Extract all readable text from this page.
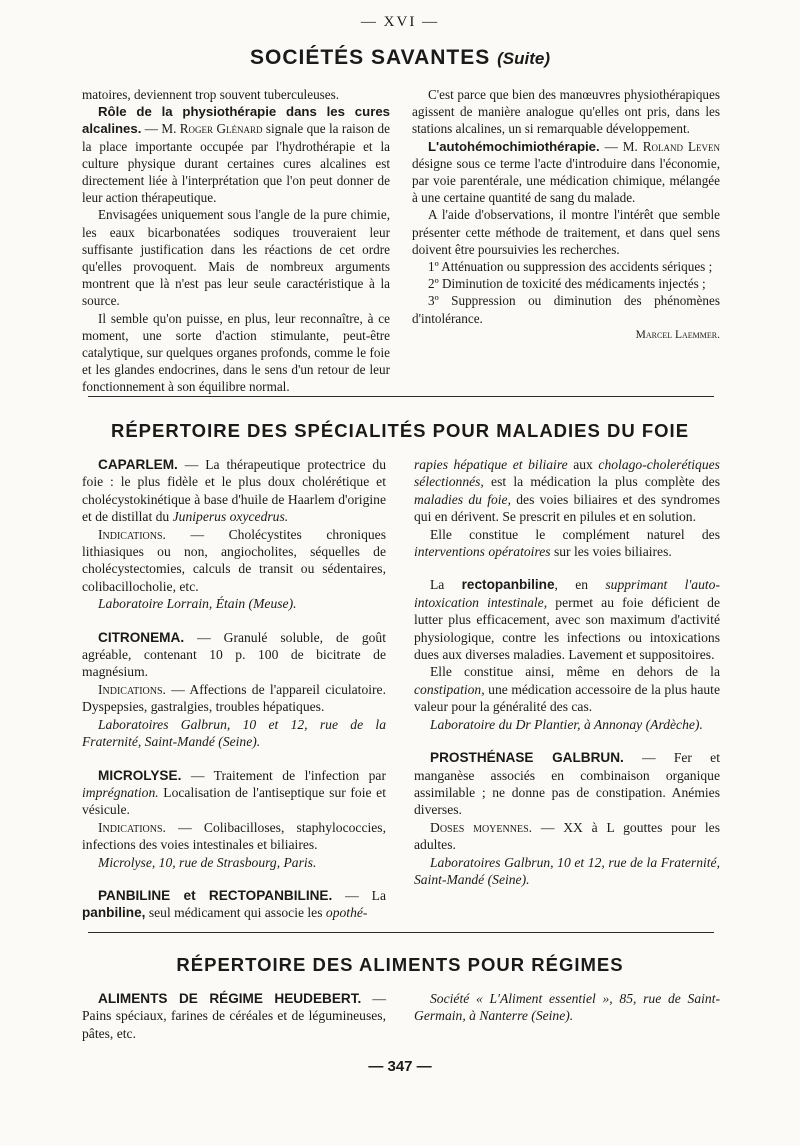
— XVI —
SOCIÉTÉS SAVANTES (Suite)

matoires, deviennent trop souvent tuberculeuses.

Rôle de la physiothérapie dans les cures alcalines. — M. Roger Glénard signale que la raison de la place importante occupée par l'hydrothérapie et la culture physique durant certaines cures alcalines est directement liée à l'interprétation que l'on peut donner de leur action thérapeutique.

Envisagées uniquement sous l'angle de la pure chimie, les eaux bicarbonatées sodiques trouveraient leur suffisante justification dans les réactions de cet ordre qu'elles provoquent. Mais de nombreux arguments montrent que là n'est pas leur seule caractéristique à la source.

Il semble qu'on puisse, en plus, leur reconnaître, à ce moment, une sorte d'action stimulante, peut-être catalytique, sur quelques organes profonds, comme le foie et les glandes endocrines, dans le sens d'un retour de leur fonctionnement à son équilibre normal.

C'est parce que bien des manœuvres physiothérapiques agissent de manière analogue qu'elles ont pris, dans les stations alcalines, un si remarquable développement.

L'autohémochimiothérapie. — M. Roland Leven désigne sous ce terme l'acte d'introduire dans l'économie, par voie parentérale, une médication chimique, mélangée à une certaine quantité de sang du malade.

A l'aide d'observations, il montre l'intérêt que semble présenter cette méthode de traitement, et dans quel sens doivent être poursuivies les recherches.

1º Atténuation ou suppression des accidents sériques ;

2º Diminution de toxicité des médicaments injectés ;

3º Suppression ou diminution des phénomènes d'intolérance.

Marcel Laemmer.

RÉPERTOIRE DES SPÉCIALITÉS POUR MALADIES DU FOIE

CAPARLEM. — La thérapeutique protectrice du foie : le plus fidèle et le plus doux cholérétique et cholécystokinétique à base d'huile de Haarlem d'origine et de distillat du Juniperus oxycedrus.

Indications. — Cholécystites chroniques lithiasiques ou non, angiocholites, séquelles de cholécystectomies, calculs de transit ou sédentaires, colibacillocholie, etc.

Laboratoire Lorrain, Étain (Meuse).

CITRONEMA. — Granulé soluble, de goût agréable, contenant 10 p. 100 de bicitrate de magnésium.

Indications. — Affections de l'appareil ciculatoire. Dyspepsies, gastralgies, troubles hépatiques.

Laboratoires Galbrun, 10 et 12, rue de la Fraternité, Saint-Mandé (Seine).

MICROLYSE. — Traitement de l'infection par imprégnation. Localisation de l'antiseptique sur foie et vésicule.

Indications. — Colibacilloses, staphylococcies, infections des voies intestinales et biliaires.

Microlyse, 10, rue de Strasbourg, Paris.

PANBILINE et RECTOPANBILINE. — La panbiline, seul médicament qui associe les opothé-

rapies hépatique et biliaire aux cholago-cholerétiques sélectionnés, est la médication la plus complète des maladies du foie, des voies biliaires et des syndromes qui en dérivent. Se prescrit en pilules et en solution.

Elle constitue le complément naturel des interventions opératoires sur les voies biliaires.

La rectopanbiline, en supprimant l'auto-intoxication intestinale, permet au foie déficient de lutter plus efficacement, avec son maximum d'activité physiologique, contre les infections ou intoxications dues aux diverses maladies. Lavement et suppositoires.

Elle constitue ainsi, même en dehors de la constipation, une médication accessoire de la plus haute valeur pour la généralité des cas.

Laboratoire du Dr Plantier, à Annonay (Ardèche).

PROSTHÉNASE GALBRUN. — Fer et manganèse associés en combinaison organique assimilable ; ne donne pas de constipation. Anémies diverses.

Doses moyennes. — XX à L gouttes pour les adultes.

Laboratoires Galbrun, 10 et 12, rue de la Fraternité, Saint-Mandé (Seine).

RÉPERTOIRE DES ALIMENTS POUR RÉGIMES

ALIMENTS DE RÉGIME HEUDEBERT. — Pains spéciaux, farines de céréales et de légumineuses, pâtes, etc.

Société « L'Aliment essentiel », 85, rue de Saint-Germain, à Nanterre (Seine).

— 347 —
